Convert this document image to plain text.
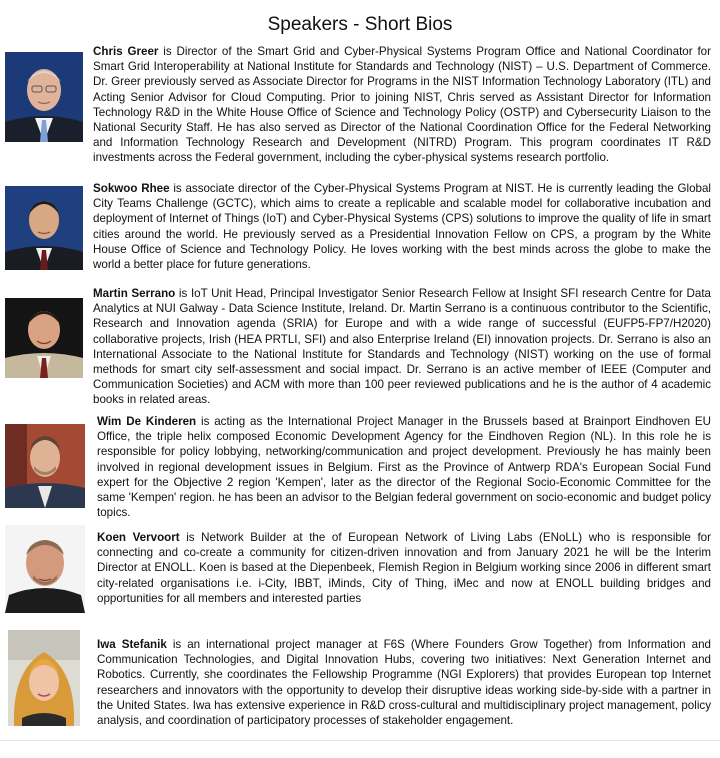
Speakers - Short Bios
Chris Greer is Director of the Smart Grid and Cyber-Physical Systems Program Office and National Coordinator for Smart Grid Interoperability at National Institute for Standards and Technology (NIST) – U.S. Department of Commerce. Dr. Greer previously served as Associate Director for Programs in the NIST Information Technology Laboratory (ITL) and Acting Senior Advisor for Cloud Computing. Prior to joining NIST, Chris served as Assistant Director for Information Technology R&D in the White House Office of Science and Technology Policy (OSTP) and Cybersecurity Liaison to the National Security Staff. He has also served as Director of the National Coordination Office for the Federal Networking and Information Technology Research and Development (NITRD) Program. This program coordinates IT R&D investments across the Federal government, including the cyber-physical systems research portfolio.
Sokwoo Rhee is associate director of the Cyber-Physical Systems Program at NIST. He is currently leading the Global City Teams Challenge (GCTC), which aims to create a replicable and scalable model for collaborative incubation and deployment of Internet of Things (IoT) and Cyber-Physical Systems (CPS) solutions to improve the quality of life in smart cities around the world. He previously served as a Presidential Innovation Fellow on CPS, a program by the White House Office of Science and Technology Policy. He loves working with the best minds across the globe to make the world a better place for future generations.
Martin Serrano is IoT Unit Head, Principal Investigator Senior Research Fellow at Insight SFI research Centre for Data Analytics at NUI Galway - Data Science Institute, Ireland. Dr. Martin Serrano is a continuous contributor to the Scientific, Research and Innovation agenda (SRIA) for Europe and with a wide range of successful (EUFP5-FP7/H2020) collaborative projects, Irish (HEA PRTLI, SFI) and also Enterprise Ireland (EI) innovation projects. Dr. Serrano is also an International Associate to the National Institute for Standards and Technology (NIST) working on the use of formal methods for smart city self-assessment and social impact. Dr. Serrano is an active member of IEEE (Computer and Communication Societies) and ACM with more than 100 peer reviewed publications and he is the author of 4 academic books in related areas.
Wim De Kinderen is acting as the International Project Manager in the Brussels based at Brainport Eindhoven EU Office, the triple helix composed Economic Development Agency for the Eindhoven Region (NL). In this role he is responsible for policy lobbying, networking/communication and project development. Previously he has mainly been involved in regional development issues in Belgium. First as the Province of Antwerp RDA's European Social Fund expert for the Objective 2 region 'Kempen', later as the director of the Regional Socio-Economic Committee for the same 'Kempen' region. he has been an advisor to the Belgian federal government on socio-economic and budget policy topics.
Koen Vervoort is Network Builder at the of European Network of Living Labs (ENoLL) who is responsible for connecting and co-create a community for citizen-driven innovation and from January 2021 he will be the Interim Director at ENOLL. Koen is based at the Diepenbeek, Flemish Region in Belgium working since 2006 in different smart city-related organisations i.e. i-City, IBBT, iMinds, City of Thing, iMec and now at ENOLL building bridges and opportunities for all members and interested parties
Iwa Stefanik is an international project manager at F6S (Where Founders Grow Together) from Information and Communication Technologies, and Digital Innovation Hubs, covering two initiatives: Next Generation Internet and Robotics. Currently, she coordinates the Fellowship Programme (NGI Explorers) that provides European top Internet researchers and innovators with the opportunity to develop their disruptive ideas working side-by-side with a partner in the United States. Iwa has extensive experience in R&D cross-cultural and multidisciplinary project management, policy analysis, and coordination of participatory processes of stakeholder engagement.
